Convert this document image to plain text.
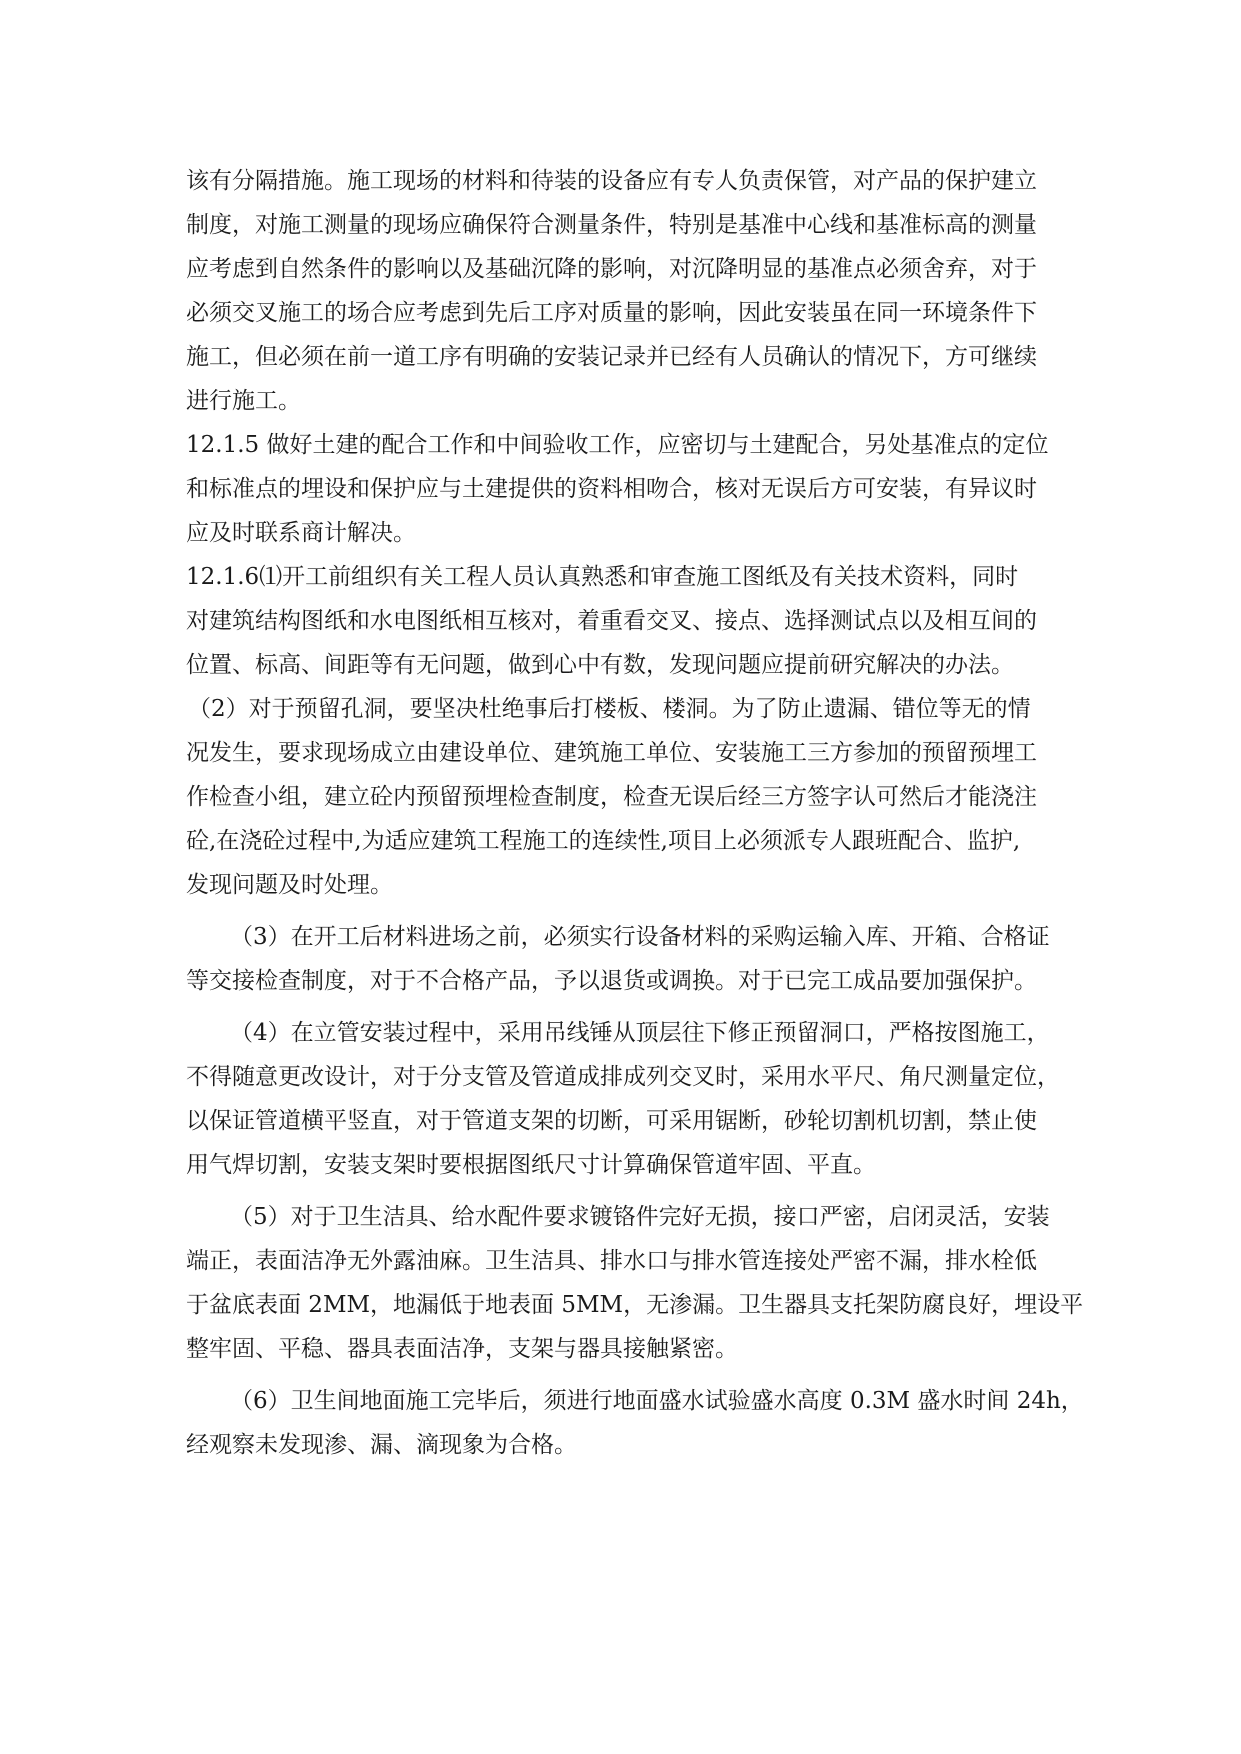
该有分隔措施。施工现场的材料和待装的设备应有专人负责保管，对产品的保护建立
制度，对施工测量的现场应确保符合测量条件，特别是基准中心线和基准标高的测量
应考虑到自然条件的影响以及基础沉降的影响，对沉降明显的基准点必须舍弃，对于
必须交叉施工的场合应考虑到先后工序对质量的影响，因此安装虽在同一环境条件下
施工，但必须在前一道工序有明确的安装记录并已经有人员确认的情况下，方可继续
进行施工。
12.1.5 做好土建的配合工作和中间验收工作，应密切与土建配合，另处基准点的定位
和标准点的埋设和保护应与土建提供的资料相吻合，核对无误后方可安装，有异议时
应及时联系商计解决。
12.1.6⑴开工前组织有关工程人员认真熟悉和审查施工图纸及有关技术资料，同时
对建筑结构图纸和水电图纸相互核对，着重看交叉、接点、选择测试点以及相互间的
位置、标高、间距等有无问题，做到心中有数，发现问题应提前研究解决的办法。
（2）对于预留孔洞，要坚决杜绝事后打楼板、楼洞。为了防止遗漏、错位等无的情
况发生，要求现场成立由建设单位、建筑施工单位、安装施工三方参加的预留预埋工
作检查小组，建立砼内预留预埋检查制度，检查无误后经三方签字认可然后才能浇注
砼,在浇砼过程中,为适应建筑工程施工的连续性,项目上必须派专人跟班配合、监护,
发现问题及时处理。
（3）在开工后材料进场之前，必须实行设备材料的采购运输入库、开箱、合格证
等交接检查制度，对于不合格产品，予以退货或调换。对于已完工成品要加强保护。
（4）在立管安装过程中，采用吊线锤从顶层往下修正预留洞口，严格按图施工，
不得随意更改设计，对于分支管及管道成排成列交叉时，采用水平尺、角尺测量定位，
以保证管道横平竖直，对于管道支架的切断，可采用锯断，砂轮切割机切割，禁止使
用气焊切割，安装支架时要根据图纸尺寸计算确保管道牢固、平直。
（5）对于卫生洁具、给水配件要求镀铬件完好无损，接口严密，启闭灵活，安装
端正，表面洁净无外露油麻。卫生洁具、排水口与排水管连接处严密不漏，排水栓低
于盆底表面 2MM，地漏低于地表面 5MM，无渗漏。卫生器具支托架防腐良好，埋设平
整牢固、平稳、器具表面洁净，支架与器具接触紧密。
（6）卫生间地面施工完毕后，须进行地面盛水试验盛水高度 0.3M 盛水时间 24h，
经观察未发现渗、漏、滴现象为合格。
